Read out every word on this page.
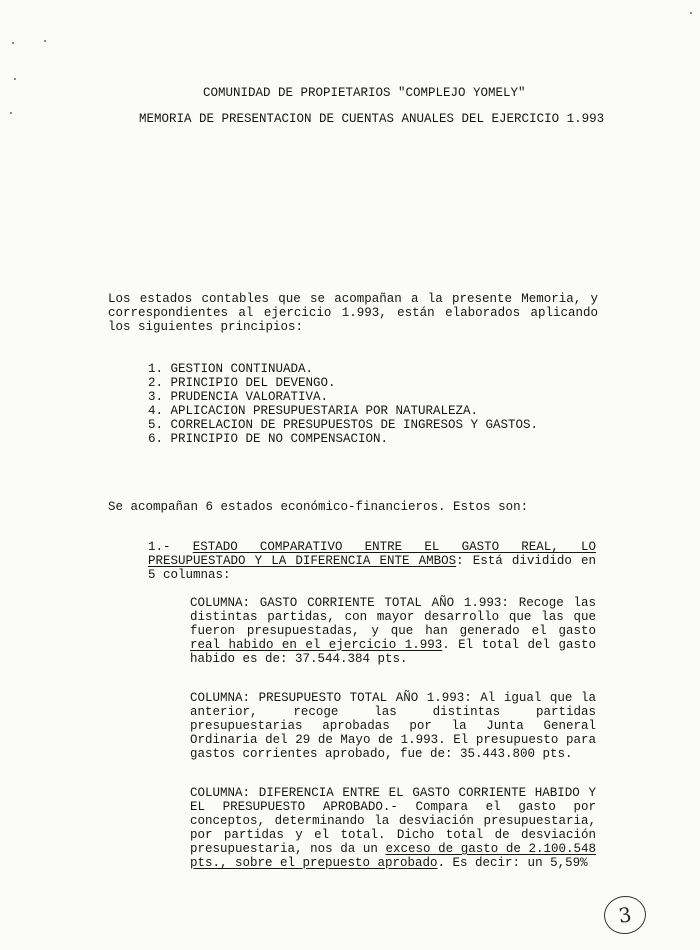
COMUNIDAD DE PROPIETARIOS "COMPLEJO YOMELY"
MEMORIA DE PRESENTACION DE CUENTAS ANUALES DEL EJERCICIO 1.993
Los estados contables que se acompañan a la presente Memoria, y correspondientes al ejercicio 1.993, están elaborados aplicando los siguientes principios:
1. GESTION CONTINUADA.
2. PRINCIPIO DEL DEVENGO.
3. PRUDENCIA VALORATIVA.
4. APLICACION PRESUPUESTARIA POR NATURALEZA.
5. CORRELACION DE PRESUPUESTOS DE INGRESOS Y GASTOS.
6. PRINCIPIO DE NO COMPENSACION.
Se acompañan 6 estados económico-financieros. Estos son:
1.- ESTADO COMPARATIVO ENTRE EL GASTO REAL, LO PRESUPUESTADO Y LA DIFERENCIA ENTE AMBOS: Está dividido en 5 columnas:
COLUMNA: GASTO CORRIENTE TOTAL AÑO 1.993: Recoge las distintas partidas, con mayor desarrollo que las que fueron presupuestadas, y que han generado el gasto real habido en el ejercicio 1.993. El total del gasto habido es de: 37.544.384 pts.
COLUMNA: PRESUPUESTO TOTAL AÑO 1.993: Al igual que la anterior, recoge las distintas partidas presupuestarias aprobadas por la Junta General Ordinaria del 29 de Mayo de 1.993. El presupuesto para gastos corrientes aprobado, fue de: 35.443.800 pts.
COLUMNA: DIFERENCIA ENTRE EL GASTO CORRIENTE HABIDO Y EL PRESUPUESTO APROBADO.- Compara el gasto por conceptos, determinando la desviación presupuestaria, por partidas y el total. Dicho total de desviación presupuestaria, nos da un exceso de gasto de 2.100.548 pts., sobre el prepuesto aprobado. Es decir: un 5,59%
3
